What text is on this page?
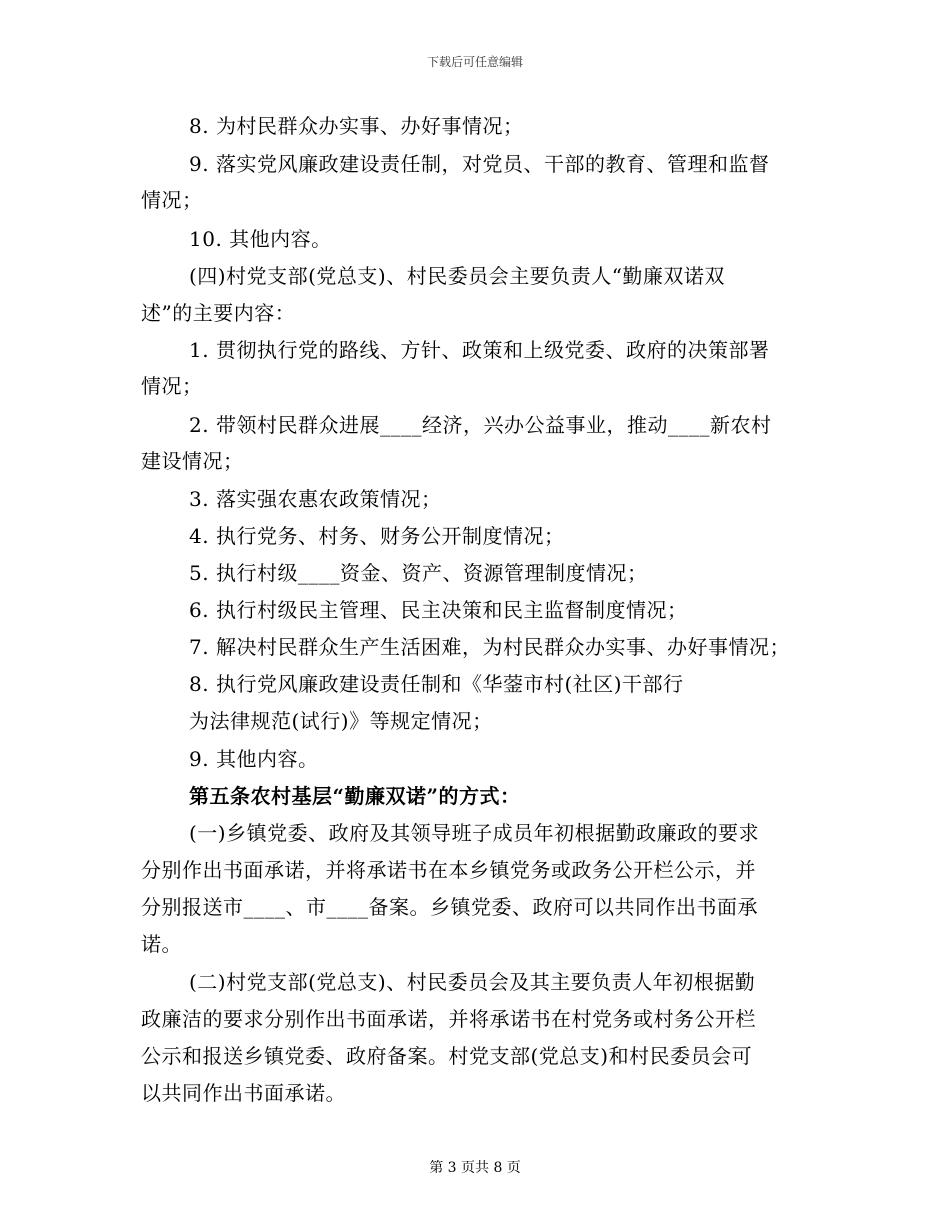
下载后可任意编辑
8. 为村民群众办实事、办好事情况；
9. 落实党风廉政建设责任制，对党员、干部的教育、管理和监督
情况；
10. 其他内容。
(四)村党支部(党总支)、村民委员会主要负责人“勤廉双诺双
述”的主要内容：
1. 贯彻执行党的路线、方针、政策和上级党委、政府的决策部署
情况；
2. 带领村民群众进展____经济，兴办公益事业，推动____新农村
建设情况；
3. 落实强农惠农政策情况；
4. 执行党务、村务、财务公开制度情况；
5. 执行村级____资金、资产、资源管理制度情况；
6. 执行村级民主管理、民主决策和民主监督制度情况；
7. 解决村民群众生产生活困难，为村民群众办实事、办好事情况；
8. 执行党风廉政建设责任制和《华蓥市村(社区)干部行
为法律规范(试行)》等规定情况；
9. 其他内容。
第五条农村基层“勤廉双诺”的方式：
(一)乡镇党委、政府及其领导班子成员年初根据勤政廉政的要求
分别作出书面承诺，并将承诺书在本乡镇党务或政务公开栏公示，并
分别报送市____、市____备案。乡镇党委、政府可以共同作出书面承
诺。
(二)村党支部(党总支)、村民委员会及其主要负责人年初根据勤
政廉洁的要求分别作出书面承诺，并将承诺书在村党务或村务公开栏
公示和报送乡镇党委、政府备案。村党支部(党总支)和村民委员会可
以共同作出书面承诺。
第 3 页共 8 页
